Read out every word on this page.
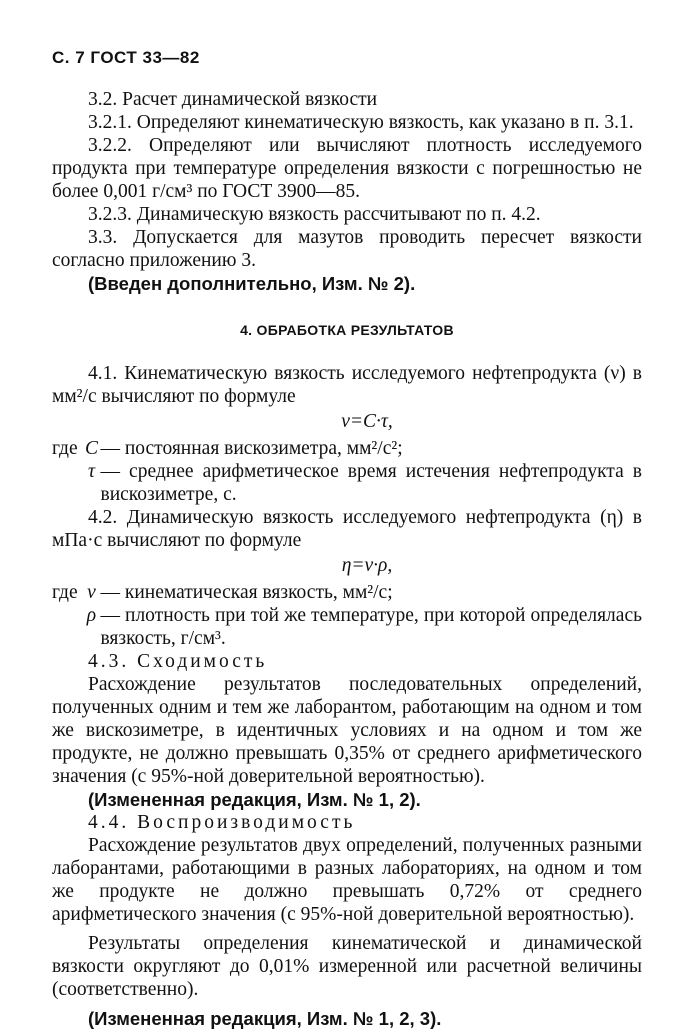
С. 7 ГОСТ 33—82

3.2. Расчет динамической вязкости

3.2.1. Определяют кинематическую вязкость, как указано в п. 3.1.

3.2.2. Определяют или вычисляют плотность исследуемого продукта при температуре определения вязкости с погрешностью не более 0,001 г/см³ по ГОСТ 3900—85.

3.2.3. Динамическую вязкость рассчитывают по п. 4.2.

3.3. Допускается для мазутов проводить пересчет вязкости согласно приложению 3.

(Введен дополнительно, Изм. № 2).

4. ОБРАБОТКА РЕЗУЛЬТАТОВ

4.1. Кинематическую вязкость исследуемого нефтепродукта (ν) в мм²/с вычисляют по формуле

ν=C·τ,

где C — постоянная вискозиметра, мм²/с²;
τ — среднее арифметическое время истечения нефтепродукта в вискозиметре, с.

4.2. Динамическую вязкость исследуемого нефтепродукта (η) в мПа·с вычисляют по формуле

η=ν·ρ,

где ν — кинематическая вязкость, мм²/с;
ρ — плотность при той же температуре, при которой определялась вязкость, г/см³.

4.3. Сходимость

Расхождение результатов последовательных определений, полученных одним и тем же лаборантом, работающим на одном и том же вискозиметре, в идентичных условиях и на одном и том же продукте, не должно превышать 0,35% от среднего арифметического значения (с 95%-ной доверительной вероятностью).

(Измененная редакция, Изм. № 1, 2).

4.4. Воспроизводимость

Расхождение результатов двух определений, полученных разными лаборантами, работающими в разных лабораториях, на одном и том же продукте не должно превышать 0,72% от среднего арифметического значения (с 95%-ной доверительной вероятностью).

Результаты определения кинематической и динамической вязкости округляют до 0,01% измеренной или расчетной величины (соответственно).

(Измененная редакция, Изм. № 1, 2, 3).
